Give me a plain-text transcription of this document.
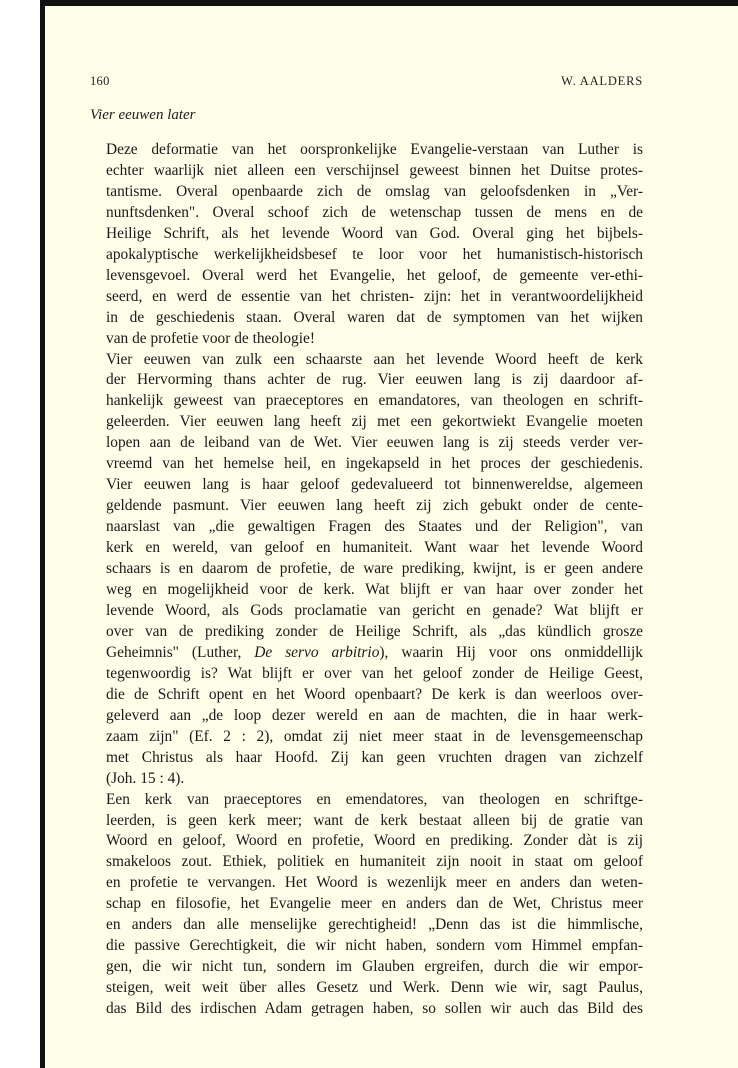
160	W. AALDERS
Vier eeuwen later

Deze deformatie van het oorspronkelijke Evangelie-verstaan van Luther is
echter waarlijk niet alleen een verschijnsel geweest binnen het Duitse protes-
tantisme. Overal openbaarde zich de omslag van geloofsdenken in „Ver-
nunftsdenken". Overal schoof zich de wetenschap tussen de mens en de
Heilige Schrift, als het levende Woord van God. Overal ging het bijbels-
apokalyptische werkelijkheidsbesef te loor voor het humanistisch-historisch
levensgevoel. Overal werd het Evangelie, het geloof, de gemeente ver-ethi-
seerd, en werd de essentie van het christen- zijn: het in verantwoordelijkheid
in de geschiedenis staan. Overal waren dat de symptomen van het wijken
van de profetie voor de theologie!

Vier eeuwen van zulk een schaarste aan het levende Woord heeft de kerk
der Hervorming thans achter de rug. Vier eeuwen lang is zij daardoor af-
hankelijk geweest van praeceptores en emandatores, van theologen en schrift-
geleerden. Vier eeuwen lang heeft zij met een gekortwiekt Evangelie moeten
lopen aan de leiband van de Wet. Vier eeuwen lang is zij steeds verder ver-
vreemd van het hemelse heil, en ingekapseld in het proces der geschiedenis.
Vier eeuwen lang is haar geloof gedevalueerd tot binnenwereldse, algemeen
geldende pasmunt. Vier eeuwen lang heeft zij zich gebukt onder de cente-
naarslast van „die gewaltigen Fragen des Staates und der Religion", van
kerk en wereld, van geloof en humaniteit. Want waar het levende Woord
schaars is en daarom de profetie, de ware prediking, kwijnt, is er geen andere
weg en mogelijkheid voor de kerk. Wat blijft er van haar over zonder het
levende Woord, als Gods proclamatie van gericht en genade? Wat blijft er
over van de prediking zonder de Heilige Schrift, als „das kündlich grosze
Geheimnis" (Luther, De servo arbitrio), waarin Hij voor ons onmiddellijk
tegenwoordig is? Wat blijft er over van het geloof zonder de Heilige Geest,
die de Schrift opent en het Woord openbaart? De kerk is dan weerloos over-
geleverd aan „de loop dezer wereld en aan de machten, die in haar werk-
zaam zijn" (Ef. 2 : 2), omdat zij niet meer staat in de levensgemeenschap
met Christus als haar Hoofd. Zij kan geen vruchten dragen van zichzelf
(Joh. 15 : 4).

Een kerk van praeceptores en emendatores, van theologen en schriftge-
leerden, is geen kerk meer; want de kerk bestaat alleen bij de gratie van
Woord en geloof, Woord en profetie, Woord en prediking. Zonder dàt is zij
smakeloos zout. Ethiek, politiek en humaniteit zijn nooit in staat om geloof
en profetie te vervangen. Het Woord is wezenlijk meer en anders dan weten-
schap en filosofie, het Evangelie meer en anders dan de Wet, Christus meer
en anders dan alle menselijke gerechtigheid! „Denn das ist die himmlische,
die passive Gerechtigkeit, die wir nicht haben, sondern vom Himmel empfan-
gen, die wir nicht tun, sondern im Glauben ergreifen, durch die wir empor-
steigen, weit weit über alles Gesetz und Werk. Denn wie wir, sagt Paulus,
das Bild des irdischen Adam getragen haben, so sollen wir auch das Bild des
